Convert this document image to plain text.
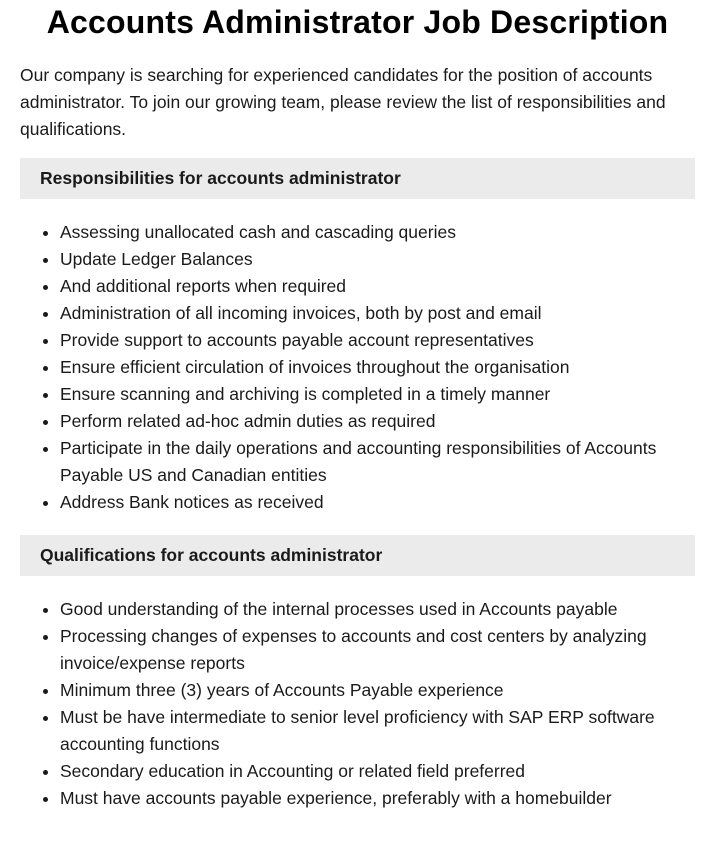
Accounts Administrator Job Description

Our company is searching for experienced candidates for the position of accounts administrator. To join our growing team, please review the list of responsibilities and qualifications.

Responsibilities for accounts administrator
Assessing unallocated cash and cascading queries
Update Ledger Balances
And additional reports when required
Administration of all incoming invoices, both by post and email
Provide support to accounts payable account representatives
Ensure efficient circulation of invoices throughout the organisation
Ensure scanning and archiving is completed in a timely manner
Perform related ad-hoc admin duties as required
Participate in the daily operations and accounting responsibilities of Accounts Payable US and Canadian entities
Address Bank notices as received
Qualifications for accounts administrator
Good understanding of the internal processes used in Accounts payable
Processing changes of expenses to accounts and cost centers by analyzing invoice/expense reports
Minimum three (3) years of Accounts Payable experience
Must be have intermediate to senior level proficiency with SAP ERP software accounting functions
Secondary education in Accounting or related field preferred
Must have accounts payable experience, preferably with a homebuilder
